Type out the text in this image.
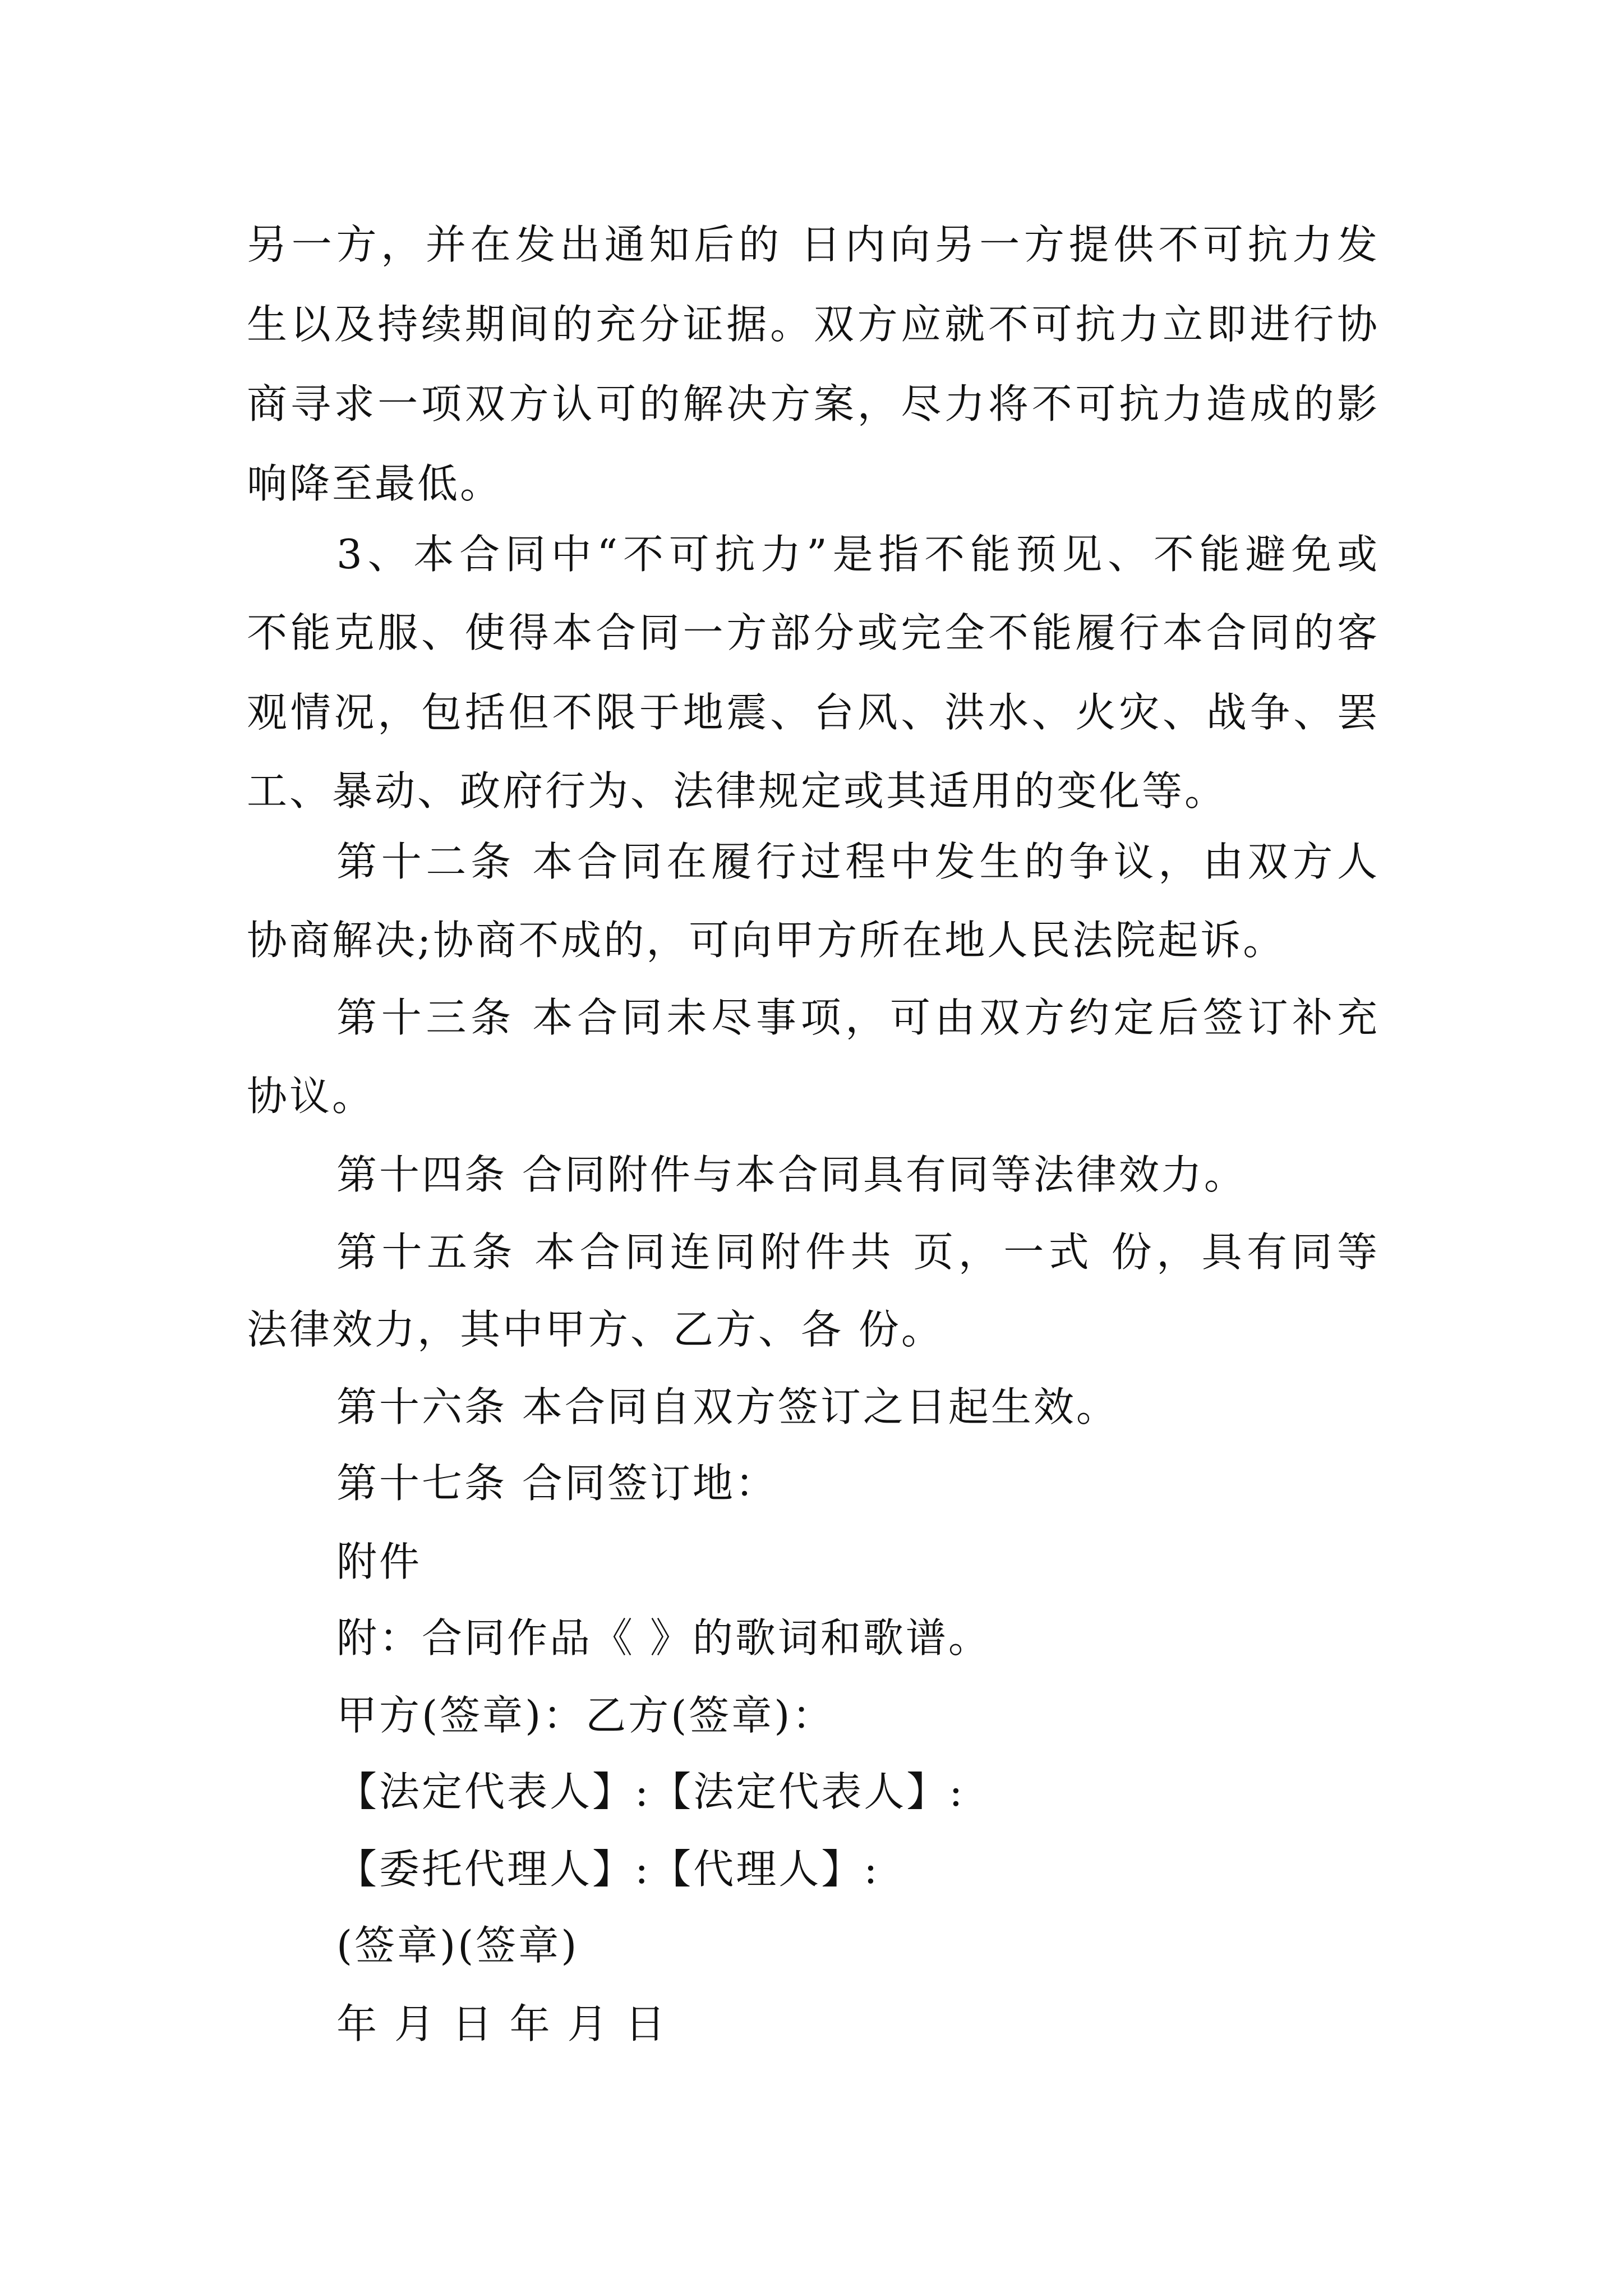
另一方，并在发出通知后的 日内向另一方提供不可抗力发

生以及持续期间的充分证据。双方应就不可抗力立即进行协

商寻求一项双方认可的解决方案，尽力将不可抗力造成的影

响降至最低。

3、本合同中“不可抗力”是指不能预见、不能避免或

不能克服、使得本合同一方部分或完全不能履行本合同的客

观情况，包括但不限于地震、台风、洪水、火灾、战争、罢

工、暴动、政府行为、法律规定或其适用的变化等。

第十二条 本合同在履行过程中发生的争议，由双方人

协商解决;协商不成的，可向甲方所在地人民法院起诉。

第十三条 本合同未尽事项，可由双方约定后签订补充

协议。

第十四条 合同附件与本合同具有同等法律效力。

第十五条 本合同连同附件共 页，一式 份，具有同等

法律效力，其中甲方、乙方、各 份。

第十六条 本合同自双方签订之日起生效。

第十七条 合同签订地：

附件

附：合同作品《 》的歌词和歌谱。

甲方(签章)：乙方(签章)：

【法定代表人】:【法定代表人】:

【委托代理人】:【代理人】:

(签章)(签章)

年 月 日 年 月 日
